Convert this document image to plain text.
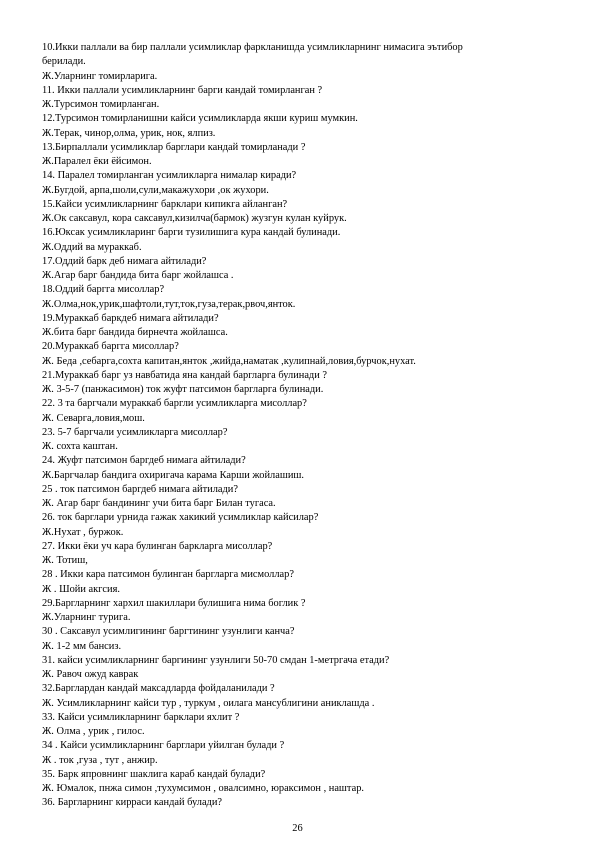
10.Икки паллали ва бир паллали усимликлар фаркланишда усимликларнинг нимасига эътибор
берилади.
Ж.Уларнинг томирларига.
11. Икки паллали усимликларнинг барги кандай томирланган ?
Ж.Турсимон томирланган.
12.Турсимон томирланишни кайси усимликларда якши куриш мумкин.
Ж.Терак, чинор,олма, урик, нок, ялпиз.
13.Бирпаллали усимликлар барглари кандай томирланади ?
Ж.Паралел ёки ёйсимон.
14. Паралел томирланган усимликларга нималар киради?
Ж.Бугдой, арпа,шоли,сули,макажухори ,ок жухори.
15.Кайси усимликларнинг барклари кипикга айланган?
Ж.Ок саксавул, кора саксавул,кизилча(бармок) жузгун кулан куйрук.
16.Юксак усимликларинг барги тузилишига кура кандай булинади.
Ж.Оддий ва мураккаб.
17.Оддий барк деб нимага айтилади?
Ж.Агар барг бандида бита барг жойлашса .
18.Оддий баргга мисоллар?
Ж.Олма,нок,урик,шафтоли,тут,ток,гуза,терак,рвоч,янток.
19.Мураккаб баркдеб нимага айтилади?
Ж.бита барг бандида бирнечта жойлашса.
20.Мураккаб баргга мисоллар?
Ж. Беда ,себарга,сохта капитан,янток ,жийда,наматак ,кулипнай,ловия,бурчок,нухат.
21.Мураккаб барг уз навбатида яна кандай баргларга булинади ?
Ж. 3-5-7 (панжасимон) ток жуфт патсимон баргларга булинади.
22. 3 та баргчали мураккаб баргли усимликларга мисоллар?
Ж. Севарга,ловия,мош.
23. 5-7 баргчали усимликларга мисоллар?
Ж. сохта каштан.
24. Жуфт патсимон баргдеб нимага айтилади?
Ж.Баргчалар бандига охиригача карама Карши жойлашиш.
25 . ток патсимон баргдеб нимага айтилади?
Ж. Агар барг бандининг учи бита барг Билан тугаса.
26. ток барглари урнида гажак хакикий усимликлар кайсилар?
Ж.Нухат , буржок.
27. Икки ёки уч кара булинган баркларга мисоллар?
Ж. Тотиш,
28 . Икки кара патсимон булинган баргларга мисмоллар?
Ж . Шойи акгсия.
29.Баргларнинг хархил шакиллари булишига нима боглик ?
Ж.Уларнинг турига.
30 . Саксавул усимлигининг баргтининг узунлиги канча?
Ж. 1-2 мм бансиз.
31. кайси усимликларнинг баргининг узунлиги 50-70 смдан 1-метргача етади?
Ж. Равоч ожуд каврак
32.Барглардан кандай максадларда фойдаланилади ?
Ж. Усимликларнинг кайси тур , туркум , оилага мансублигини аниклашда .
33. Кайси усимликларнинг барклари яхлит ?
Ж. Олма , урик , гилос.
34 . Кайси усимликларнинг барглари уйилган булади ?
Ж . ток ,гуза , тут , анжир.
35. Барк япровнинг шаклига караб кандай булади?
Ж. Юмалок, пнжа симон ,тухумсимон , овалсимно, юраксимон , наштар.
36. Баргларнинг кирраси кандай булади?
26
